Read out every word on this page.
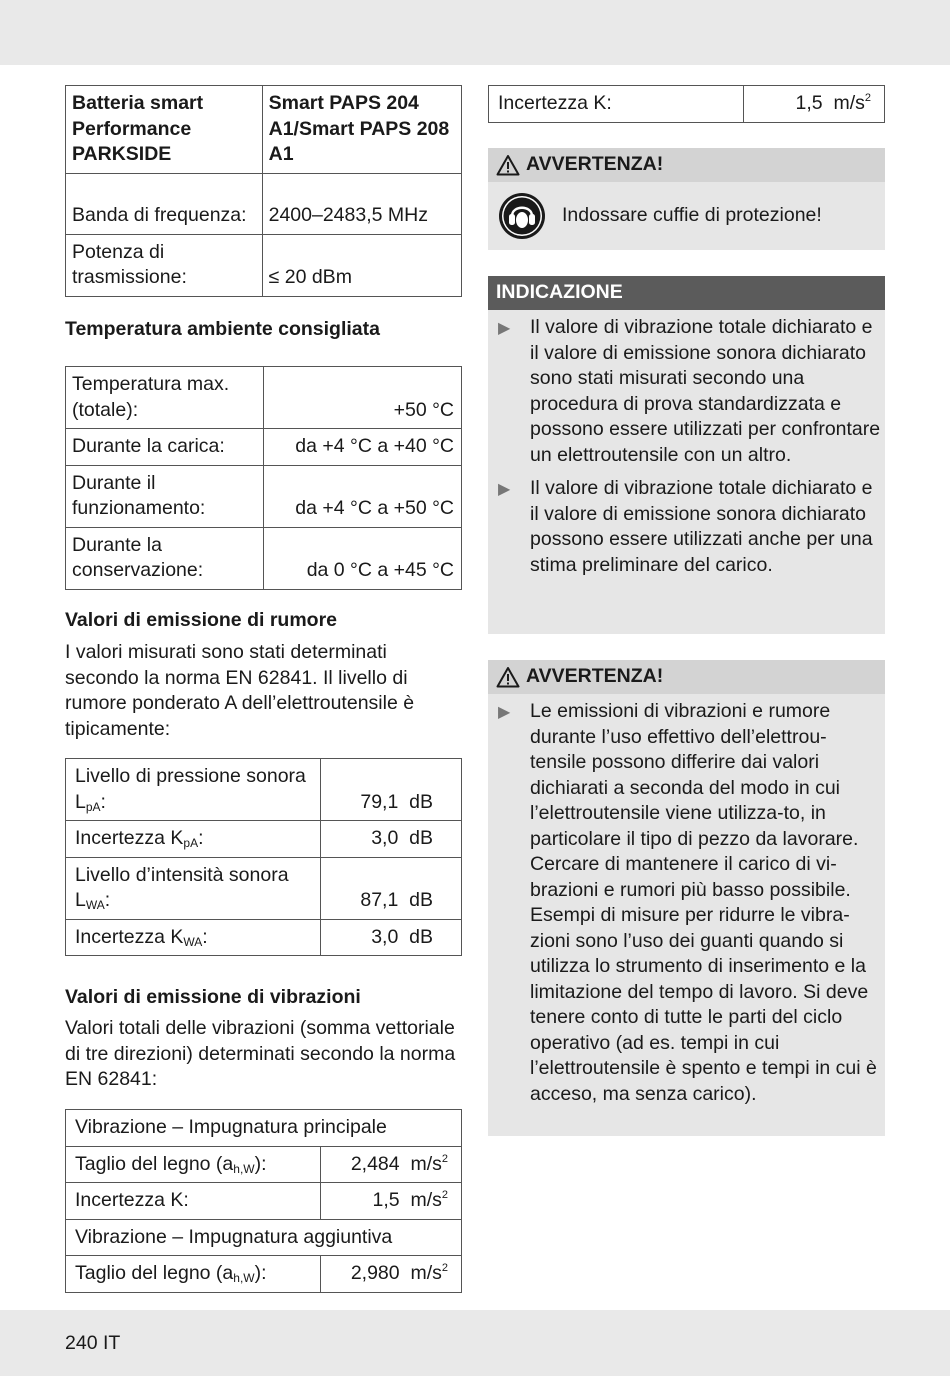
Batteria smart Performance PARKSIDE	Smart PAPS 204 A1/Smart PAPS 208 A1
Banda di frequenza:	2400–2483,5 MHz
Potenza di trasmissione:	≤ 20 dBm
Temperatura ambiente consigliata
Temperatura max. (totale):	+50 °C
Durante la carica:	da +4 °C a +40 °C
Durante il funzionamento:	da +4 °C a +50 °C
Durante la conservazione:	da 0 °C a +45 °C
Valori di emissione di rumore
I valori misurati sono stati determinati secondo la norma EN 62841. Il livello di rumore ponderato A dell’elettroutensile è tipicamente:
Livello di pressione sonora $L_{pA}$:	79,1  dB
Incertezza $K_{pA}$:	3,0  dB
Livello d’intensità sonora $L_{WA}$:	87,1  dB
Incertezza $K_{WA}$:	3,0  dB
Valori di emissione di vibrazioni
Valori totali delle vibrazioni (somma vettoriale di tre direzioni) determinati secondo la norma EN 62841:
Vibrazione – Impugnatura principale	
Taglio del legno $(a_{h,W})$:	2,484  $m/s^2$
Incertezza K:	1,5  $m/s^2$
Vibrazione – Impugnatura aggiuntiva	
Taglio del legno $(a_{h,W})$:	2,980  $m/s^2$
Incertezza K:	1,5  $m/s^2$
AVVERTENZA!
Indossare cuffie di protezione!
INDICAZIONE
▶	Il valore di vibrazione totale dichiarato e il valore di emissione sonora dichiarato sono stati misurati secondo una procedura di prova standardizzata e possono essere utilizzati per confrontare un elettroutensile con un altro.
▶	Il valore di vibrazione totale dichiarato e il valore di emissione sonora dichiarato possono essere utilizzati anche per una stima preliminare del carico.
AVVERTENZA!
▶	Le emissioni di vibrazioni e rumore durante l’uso effettivo dell’elettrou-tensile possono differire dai valori dichiarati a seconda del modo in cui l’elettroutensile viene utilizza-to, in particolare il tipo di pezzo da lavorare.
Cercare di mantenere il carico di vi-brazioni e rumori più basso possibile. Esempi di misure per ridurre le vibra-zioni sono l’uso dei guanti quando si utilizza lo strumento di inserimento e la limitazione del tempo di lavoro. Si deve tenere conto di tutte le parti del ciclo operativo (ad es. tempi in cui l’elettroutensile è spento e tempi in cui è acceso, ma senza carico).
240 IT
